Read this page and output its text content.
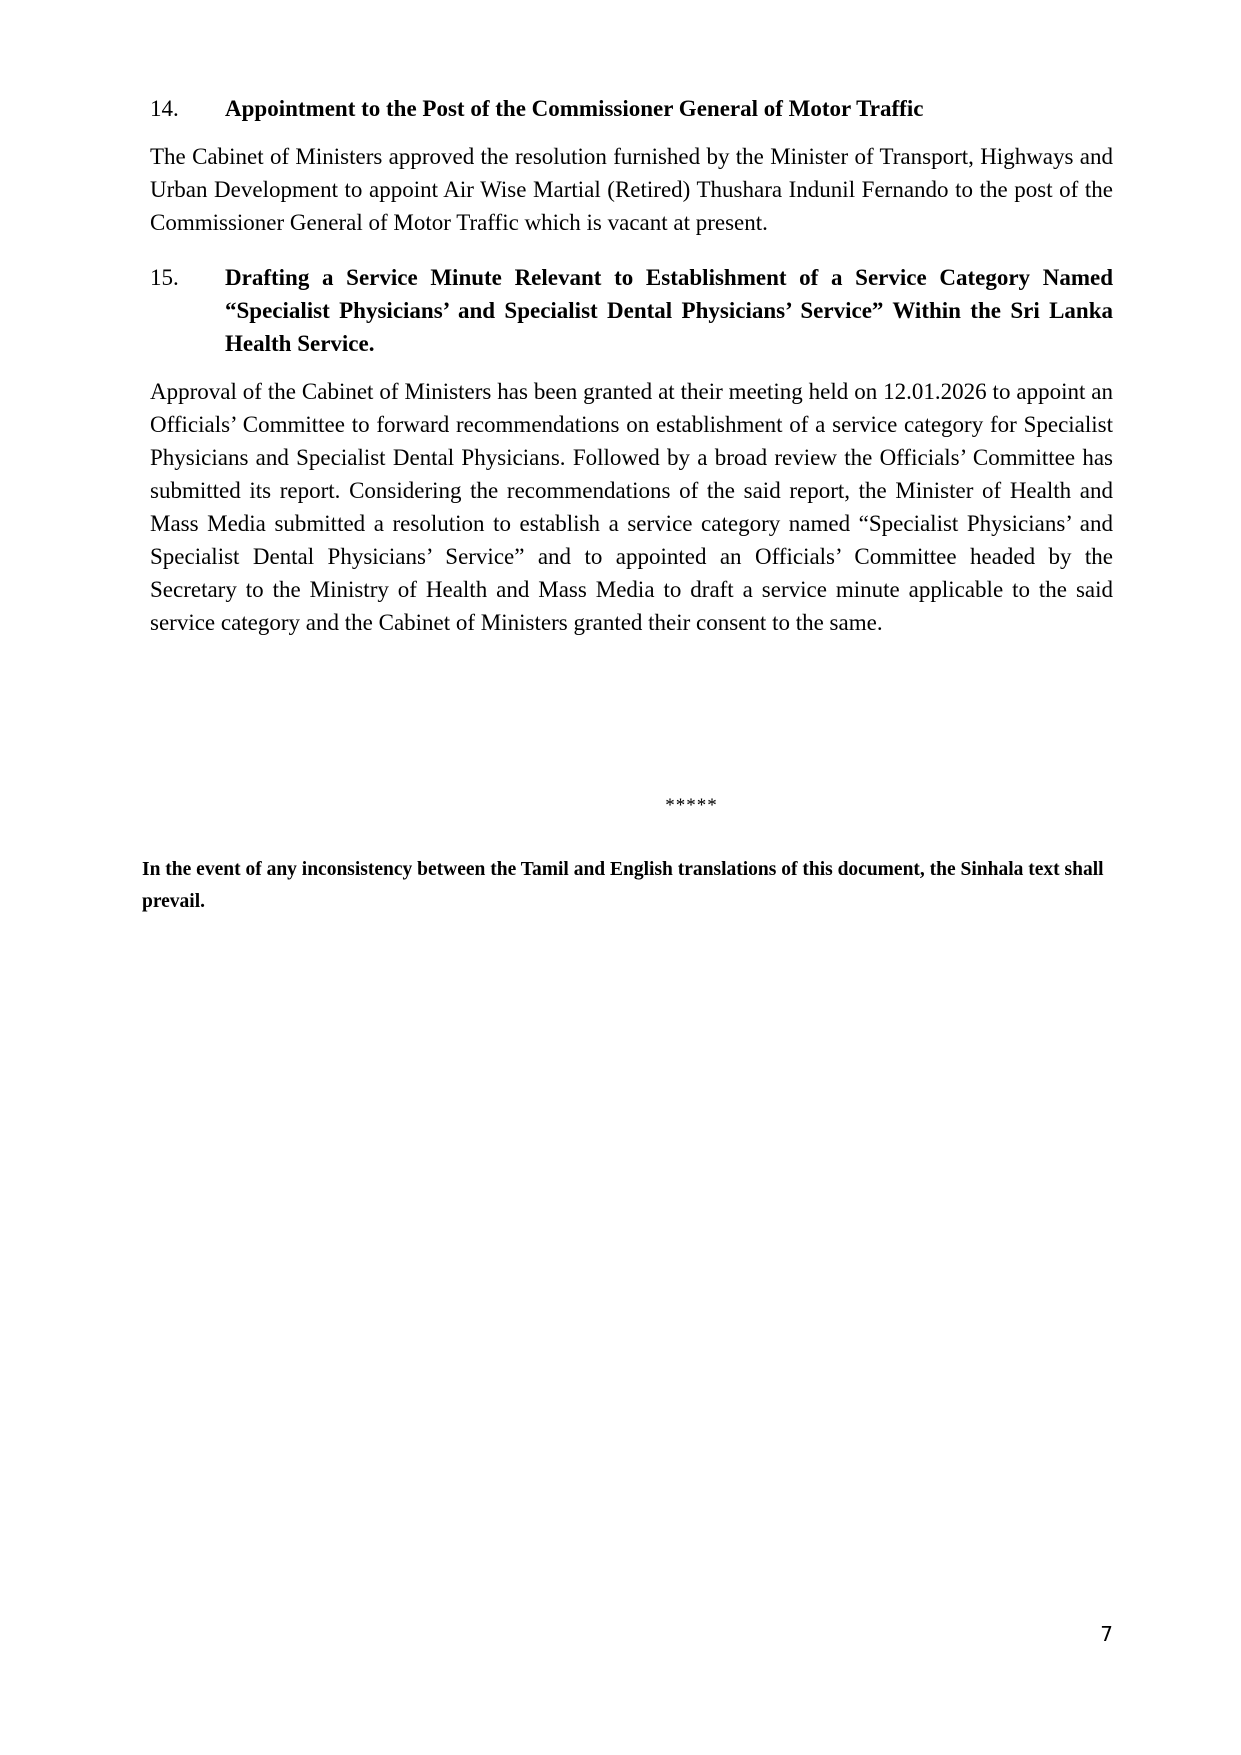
14.	Appointment to the Post of the Commissioner General of Motor Traffic

The Cabinet of Ministers approved the resolution furnished by the Minister of Transport, Highways and Urban Development to appoint Air Wise Martial (Retired) Thushara Indunil Fernando to the post of the Commissioner General of Motor Traffic which is vacant at present.

15.	Drafting a Service Minute Relevant to Establishment of a Service Category Named “Specialist Physicians’ and Specialist Dental Physicians’ Service” Within the Sri Lanka Health Service.

Approval of the Cabinet of Ministers has been granted at their meeting held on 12.01.2026 to appoint an Officials’ Committee to forward recommendations on establishment of a service category for Specialist Physicians and Specialist Dental Physicians. Followed by a broad review the Officials’ Committee has submitted its report. Considering the recommendations of the said report, the Minister of Health and Mass Media submitted a resolution to establish a service category named “Specialist Physicians’ and Specialist Dental Physicians’ Service” and to appointed an Officials’ Committee headed by the Secretary to the Ministry of Health and Mass Media to draft a service minute applicable to the said service category and the Cabinet of Ministers granted their consent to the same.

*****

In the event of any inconsistency between the Tamil and English translations of this document, the Sinhala text shall prevail.

7
